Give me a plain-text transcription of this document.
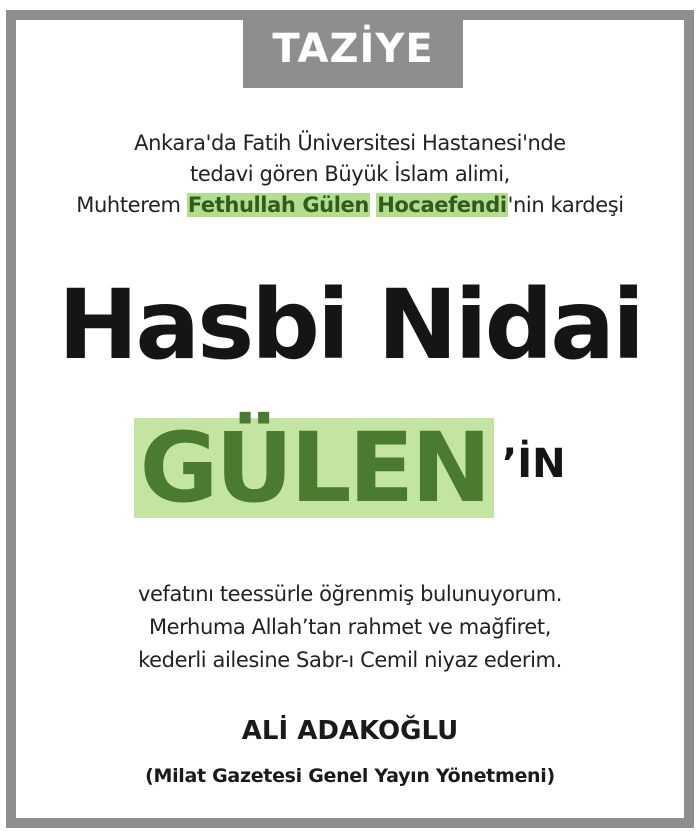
TAZİYE
Ankara'da Fatih Üniversitesi Hastanesi'nde
tedavi gören Büyük İslam alimi,
Muhterem Fethullah Gülen Hocaefendi'nin kardeşi
Hasbi Nidai
GÜLEN ’İN
vefatını teessürle öğrenmiş bulunuyorum.
Merhuma Allah’tan rahmet ve mağfiret,
kederli ailesine Sabr-ı Cemil niyaz ederim.
ALİ ADAKOĞLU
(Milat Gazetesi Genel Yayın Yönetmeni)
